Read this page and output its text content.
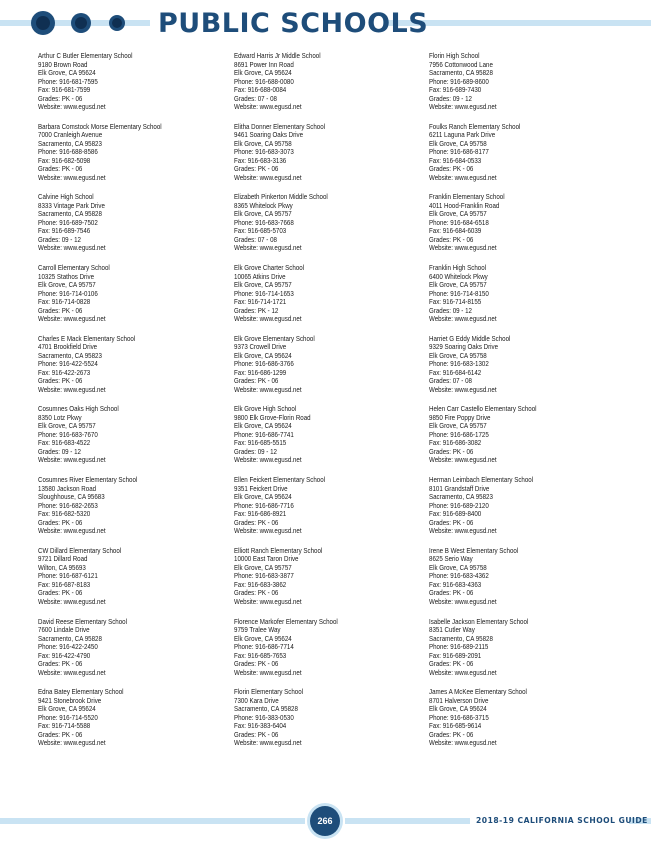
PUBLIC SCHOOLS
Arthur C Butler Elementary School
9180 Brown Road
Elk Grove, CA 95624
Phone: 916-681-7595
Fax: 916-681-7599
Grades: PK - 06
Website: www.egusd.net
Barbara Comstock Morse Elementary School
7000 Cranleigh Avenue
Sacramento, CA 95823
Phone: 916-688-8586
Fax: 916-682-5098
Grades: PK - 06
Website: www.egusd.net
Calvine High School
8333 Vintage Park Drive
Sacramento, CA 95828
Phone: 916-689-7502
Fax: 916-689-7546
Grades: 09 - 12
Website: www.egusd.net
Carroll Elementary School
10325 Stathos Drive
Elk Grove, CA 95757
Phone: 916-714-0106
Fax: 916-714-0828
Grades: PK - 06
Website: www.egusd.net
Charles E Mack Elementary School
4701 Brookfield Drive
Sacramento, CA 95823
Phone: 916-422-5524
Fax: 916-422-2673
Grades: PK - 06
Website: www.egusd.net
Cosumnes Oaks High School
8350 Lotz Pkwy
Elk Grove, CA 95757
Phone: 916-683-7670
Fax: 916-683-4522
Grades: 09 - 12
Website: www.egusd.net
Cosumnes River Elementary School
13580 Jackson Road
Sloughhouse, CA 95683
Phone: 916-682-2653
Fax: 916-682-5320
Grades: PK - 06
Website: www.egusd.net
CW Dillard Elementary School
9721 Dillard Road
Wilton, CA 95693
Phone: 916-687-6121
Fax: 916-687-8183
Grades: PK - 06
Website: www.egusd.net
David Reese Elementary School
7600 Lindale Drive
Sacramento, CA 95828
Phone: 916-422-2450
Fax: 916-422-4790
Grades: PK - 06
Website: www.egusd.net
Edna Batey Elementary School
9421 Stonebrook Drive
Elk Grove, CA 95624
Phone: 916-714-5520
Fax: 916-714-5588
Grades: PK - 06
Website: www.egusd.net
Edward Harris Jr Middle School
8691 Power Inn Road
Elk Grove, CA 95624
Phone: 916-688-0080
Fax: 916-688-0084
Grades: 07 - 08
Website: www.egusd.net
Elitha Donner Elementary School
9461 Soaring Oaks Drive
Elk Grove, CA 95758
Phone: 916-683-3073
Fax: 916-683-3136
Grades: PK - 06
Website: www.egusd.net
Elizabeth Pinkerton Middle School
8365 Whitelock Pkwy
Elk Grove, CA 95757
Phone: 916-683-7668
Fax: 916-685-5703
Grades: 07 - 08
Website: www.egusd.net
Elk Grove Charter School
10065 Atkins Drive
Elk Grove, CA 95757
Phone: 916-714-1653
Fax: 916-714-1721
Grades: PK - 12
Website: www.egusd.net
Elk Grove Elementary School
9373 Crowell Drive
Elk Grove, CA 95624
Phone: 916-686-3766
Fax: 916-686-1299
Grades: PK - 06
Website: www.egusd.net
Elk Grove High School
9800 Elk Grove-Florin Road
Elk Grove, CA 95624
Phone: 916-686-7741
Fax: 916-685-5515
Grades: 09 - 12
Website: www.egusd.net
Ellen Feickert Elementary School
9351 Feickert Drive
Elk Grove, CA 95624
Phone: 916-686-7716
Fax: 916-686-8921
Grades: PK - 06
Website: www.egusd.net
Elliott Ranch Elementary School
10000 East Taron Drive
Elk Grove, CA 95757
Phone: 916-683-3877
Fax: 916-683-3862
Grades: PK - 06
Website: www.egusd.net
Florence Markofer Elementary School
9759 Tralee Way
Elk Grove, CA 95624
Phone: 916-686-7714
Fax: 916-685-7653
Grades: PK - 06
Website: www.egusd.net
Florin Elementary School
7300 Kara Drive
Sacramento, CA 95828
Phone: 916-383-0530
Fax: 916-383-6404
Grades: PK - 06
Website: www.egusd.net
Florin High School
7956 Cottonwood Lane
Sacramento, CA 95828
Phone: 916-689-8600
Fax: 916-689-7430
Grades: 09 - 12
Website: www.egusd.net
Foulks Ranch Elementary School
6211 Laguna Park Drive
Elk Grove, CA 95758
Phone: 916-686-8177
Fax: 916-684-0533
Grades: PK - 06
Website: www.egusd.net
Franklin Elementary School
4011 Hood-Franklin Road
Elk Grove, CA 95757
Phone: 916-684-6518
Fax: 916-684-6039
Grades: PK - 06
Website: www.egusd.net
Franklin High School
6400 Whitelock Pkwy
Elk Grove, CA 95757
Phone: 916-714-8150
Fax: 916-714-8155
Grades: 09 - 12
Website: www.egusd.net
Harriet G Eddy Middle School
9329 Soaring Oaks Drive
Elk Grove, CA 95758
Phone: 916-683-1302
Fax: 916-684-6142
Grades: 07 - 08
Website: www.egusd.net
Helen Carr Castello Elementary School
9850 Fire Poppy Drive
Elk Grove, CA 95757
Phone: 916-686-1725
Fax: 916-686-3082
Grades: PK - 06
Website: www.egusd.net
Herman Leimbach Elementary School
8101 Grandstaff Drive
Sacramento, CA 95823
Phone: 916-689-2120
Fax: 916-689-8400
Grades: PK - 06
Website: www.egusd.net
Irene B West Elementary School
8625 Serio Way
Elk Grove, CA 95758
Phone: 916-683-4362
Fax: 916-683-4363
Grades: PK - 06
Website: www.egusd.net
Isabelle Jackson Elementary School
8351 Cutler Way
Sacramento, CA 95828
Phone: 916-689-2115
Fax: 916-689-2091
Grades: PK - 06
Website: www.egusd.net
James A McKee Elementary School
8701 Halverson Drive
Elk Grove, CA 95624
Phone: 916-686-3715
Fax: 916-685-9614
Grades: PK - 06
Website: www.egusd.net
266	2018-19 CALIFORNIA SCHOOL GUIDE
